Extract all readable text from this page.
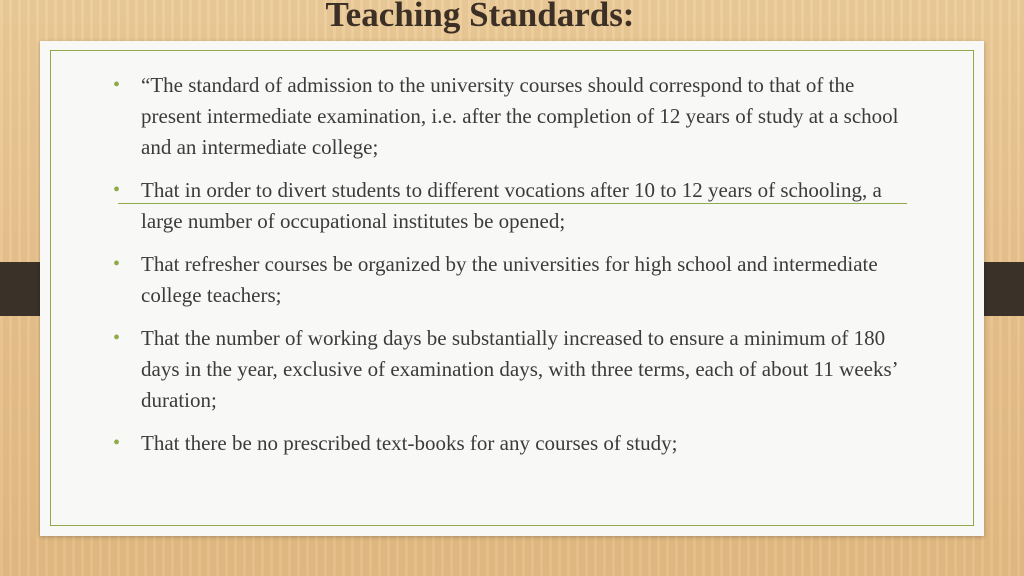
Teaching Standards:
• “The standard of admission to the university courses should correspond to that of the present intermediate examination, i.e. after the completion of 12 years of study at a school and an intermediate college;
• That in order to divert students to different vocations after 10 to 12 years of schooling, a large number of occupational institutes be opened;
• That refresher courses be organized by the universities for high school and intermediate college teachers;
• That the number of working days be substantially increased to ensure a minimum of 180 days in the year, exclusive of examination days, with three terms, each of about 11 weeks’ duration;
• That there be no prescribed text-books for any courses of study;
